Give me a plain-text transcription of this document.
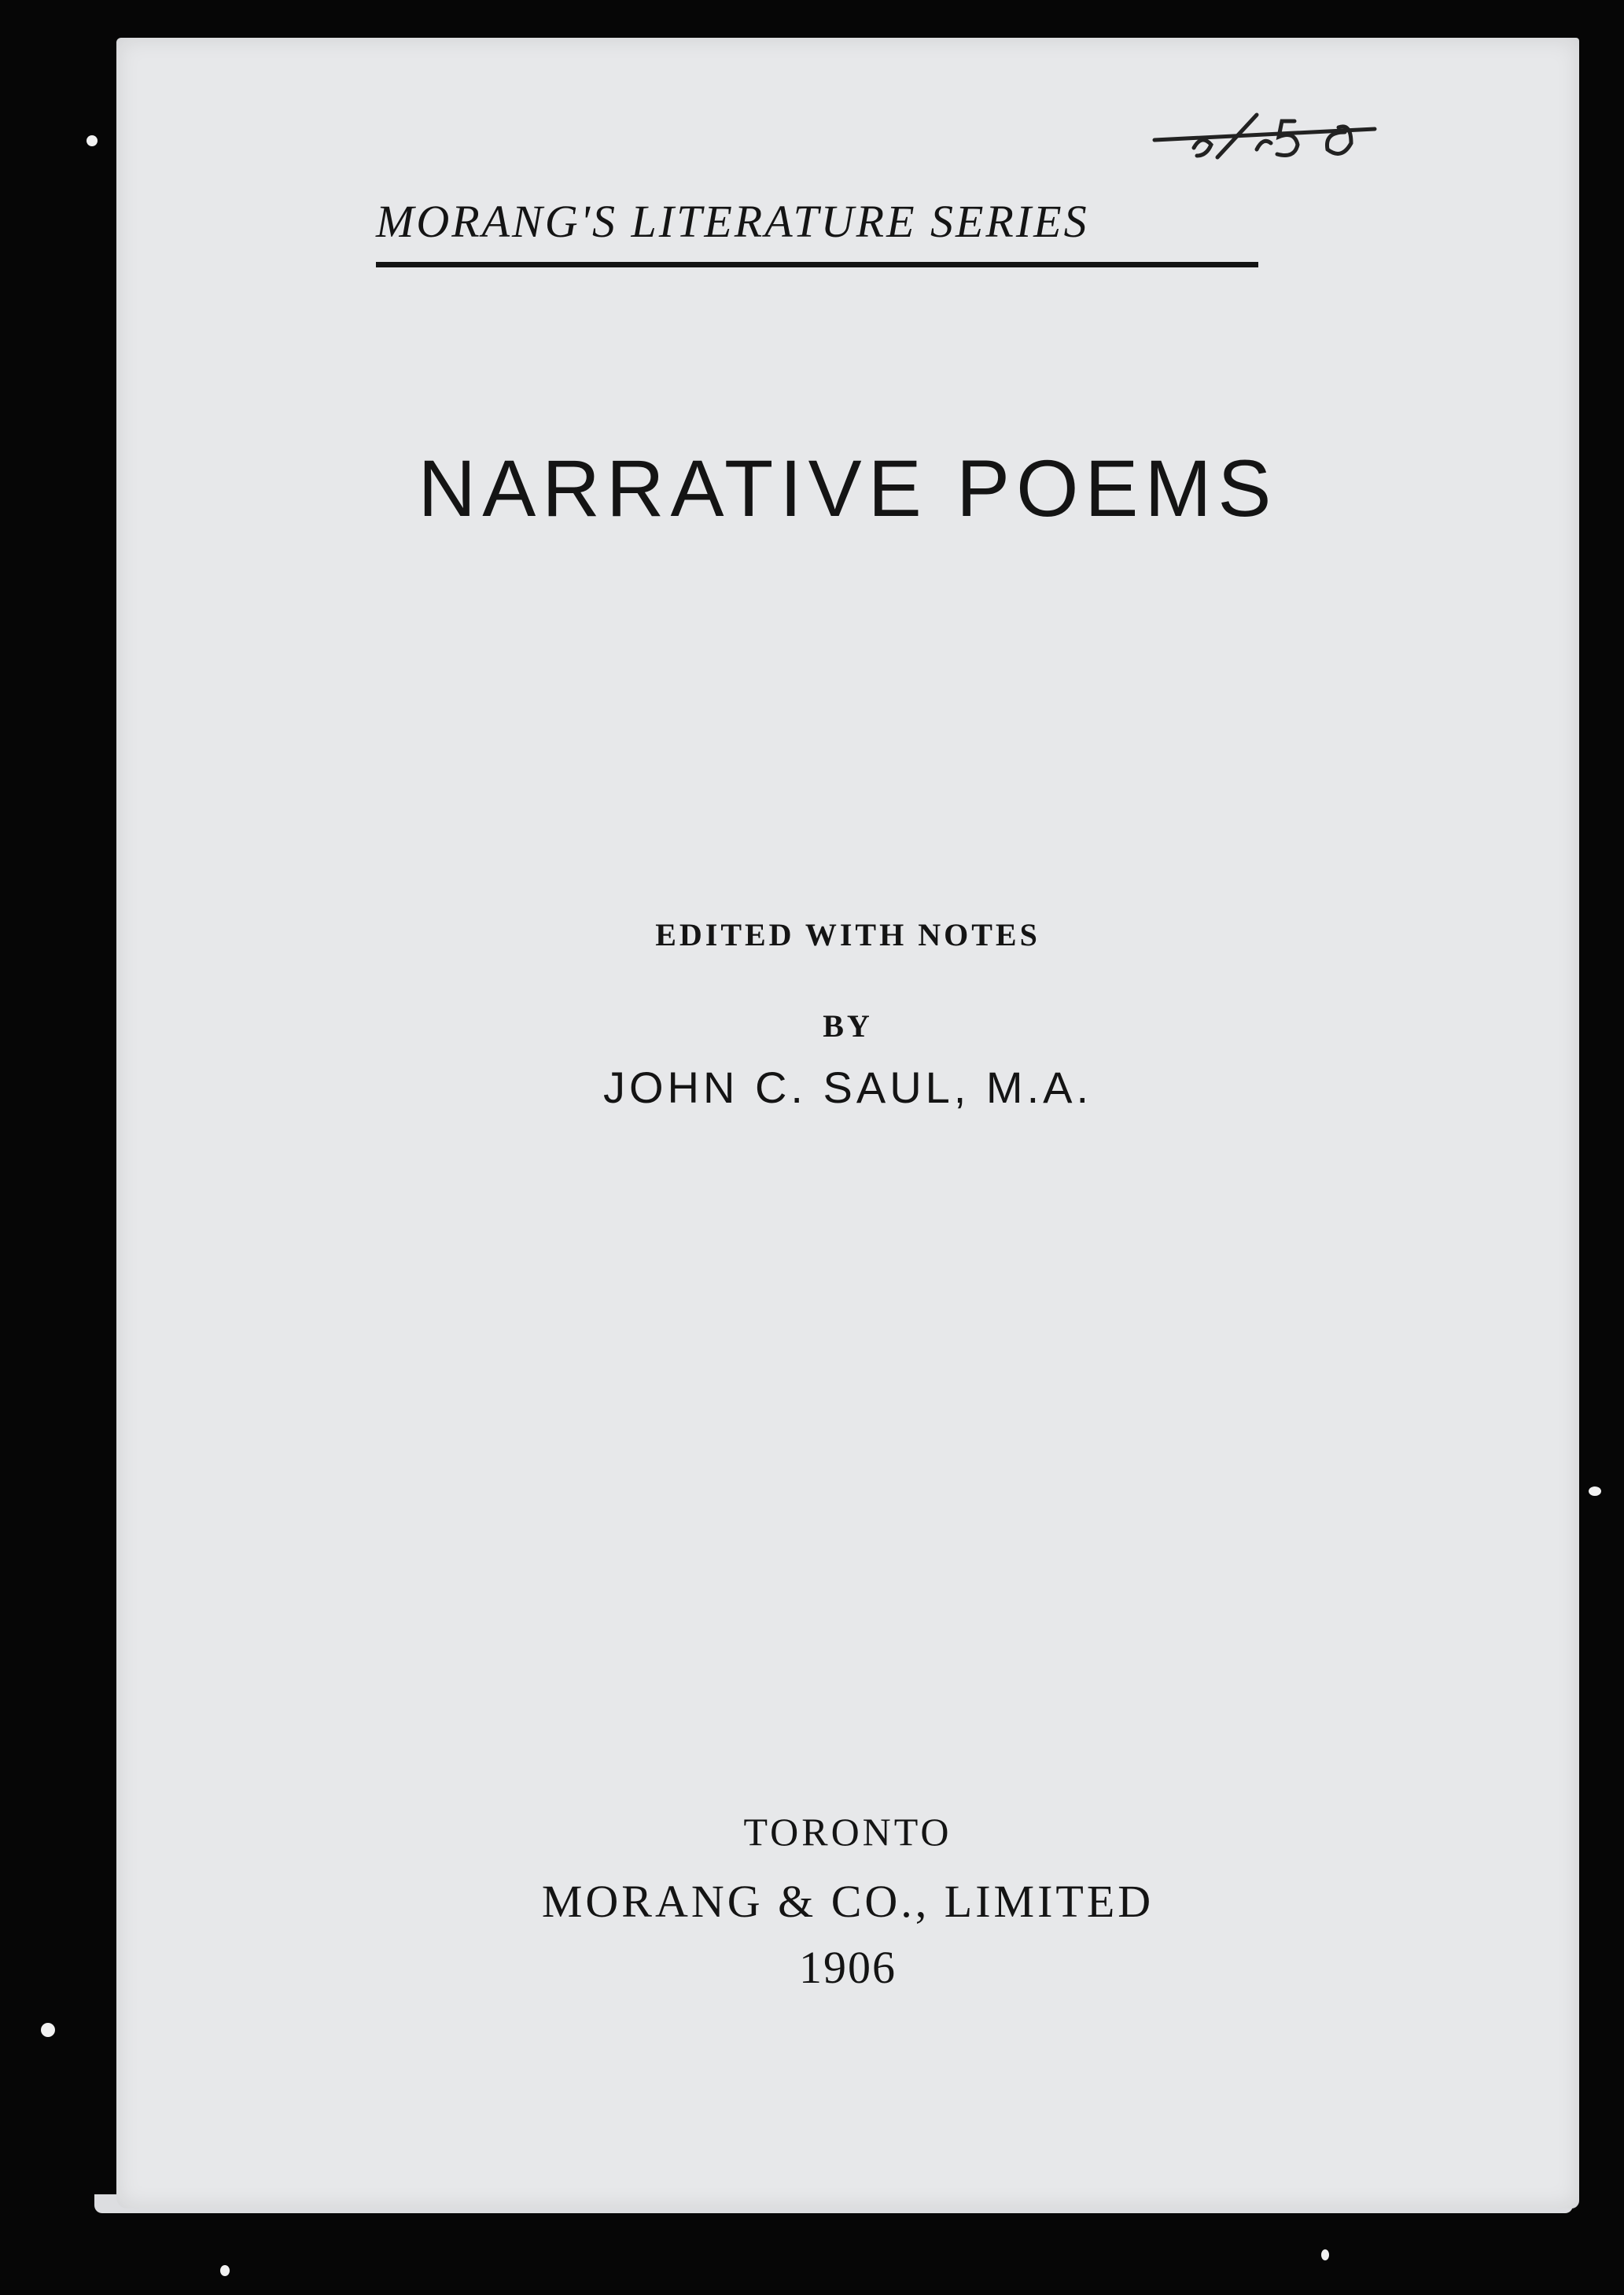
MORANG'S LITERATURE SERIES
NARRATIVE POEMS
EDITED WITH NOTES
BY
JOHN C. SAUL, M.A.
TORONTO
MORANG & CO., LIMITED
1906
